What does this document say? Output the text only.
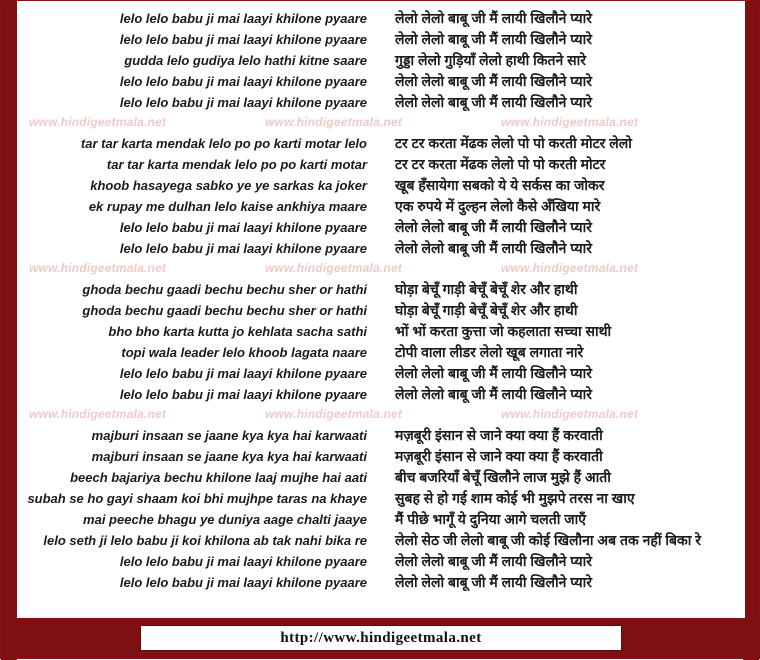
lelo lelo babu ji mai laayi khilone pyaare	लेलो लेलो बाबू जी मैं लायी खिलौने प्यारे
lelo lelo babu ji mai laayi khilone pyaare	लेलो लेलो बाबू जी मैं लायी खिलौने प्यारे
gudda lelo gudiya lelo hathi kitne saare	गुड्डा लेलो गुड़ियाँ लेलो हाथी कितने सारे
lelo lelo babu ji mai laayi khilone pyaare	लेलो लेलो बाबू जी मैं लायी खिलौने प्यारे
lelo lelo babu ji mai laayi khilone pyaare	लेलो लेलो बाबू जी मैं लायी खिलौने प्यारे
www.hindigeetmala.net	www.hindigeetmala.net	www.hindigeetmala.net
tar tar karta mendak lelo po po karti motar lelo	टर टर करता मेंढक लेलो पो पो करती मोटर लेलो
tar tar karta mendak lelo po po karti motar	टर टर करता मेंढक लेलो पो पो करती मोटर
khoob hasayega sabko ye ye sarkas ka joker	खूब हँसायेगा सबको ये ये सर्कस का जोकर
ek rupay me dulhan lelo kaise ankhiya maare	एक रुपये में दुल्हन लेलो कैसे अँखिया मारे
lelo lelo babu ji mai laayi khilone pyaare	लेलो लेलो बाबू जी मैं लायी खिलौने प्यारे
lelo lelo babu ji mai laayi khilone pyaare	लेलो लेलो बाबू जी मैं लायी खिलौने प्यारे
www.hindigeetmala.net	www.hindigeetmala.net	www.hindigeetmala.net
ghoda bechu gaadi bechu bechu sher or hathi	घोड़ा बेचूँ गाड़ी बेचूँ बेचूँ शेर और हाथी
ghoda bechu gaadi bechu bechu sher or hathi	घोड़ा बेचूँ गाड़ी बेचूँ बेचूँ शेर और हाथी
bho bho karta kutta jo kehlata sacha sathi	भों भों करता कुत्ता जो कहलाता सच्चा साथी
topi wala leader lelo khoob lagata naare	टोपी वाला लीडर लेलो खूब लगाता नारे
lelo lelo babu ji mai laayi khilone pyaare	लेलो लेलो बाबू जी मैं लायी खिलौने प्यारे
lelo lelo babu ji mai laayi khilone pyaare	लेलो लेलो बाबू जी मैं लायी खिलौने प्यारे
www.hindigeetmala.net	www.hindigeetmala.net	www.hindigeetmala.net
majburi insaan se jaane kya kya hai karwaati	मज़बूरी इंसान से जाने क्या क्या हैं करवाती
majburi insaan se jaane kya kya hai karwaati	मज़बूरी इंसान से जाने क्या क्या हैं करवाती
beech bajariya bechu khilone laaj mujhe hai aati	बीच बजरियाँ बेचूँ खिलौने लाज मुझे हैं आती
subah se ho gayi shaam koi bhi mujhpe taras na khaye	सुबह से हो गई शाम कोई भी मुझपे तरस ना खाए
mai peeche bhagu ye duniya aage chalti jaaye	मैं पीछे भागूँ ये दुनिया आगे चलती जाएँ
lelo seth ji lelo babu ji koi khilona ab tak nahi bika re	लेलो सेठ जी लेलो बाबू जी कोई खिलौना अब तक नहीं बिका रे
lelo lelo babu ji mai laayi khilone pyaare	लेलो लेलो बाबू जी मैं लायी खिलौने प्यारे
lelo lelo babu ji mai laayi khilone pyaare	लेलो लेलो बाबू जी मैं लायी खिलौने प्यारे
http://www.hindigeetmala.net
